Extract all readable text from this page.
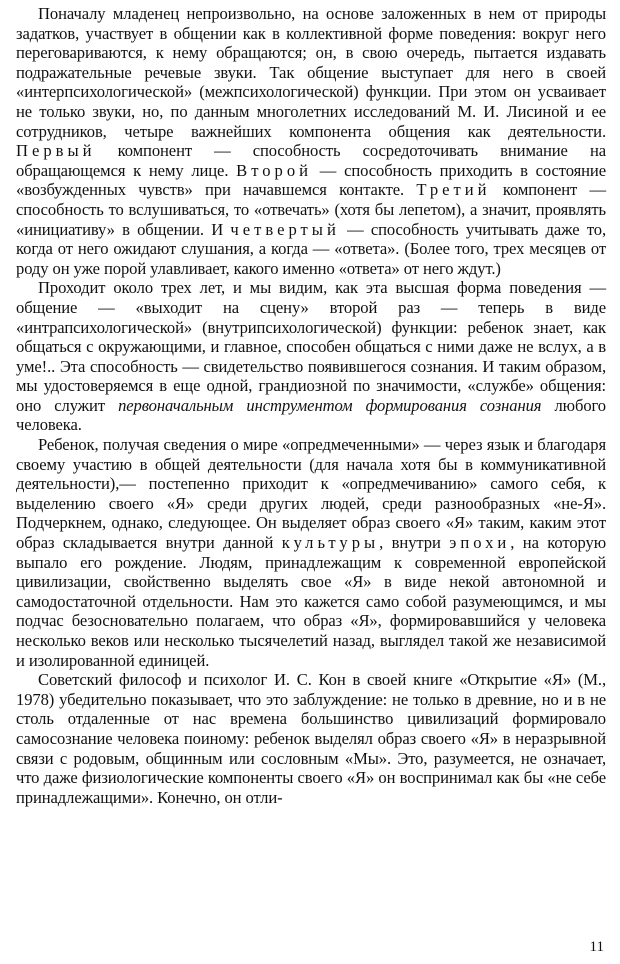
Поначалу младенец непроизвольно, на основе заложенных в нем от природы задатков, участвует в общении как в коллективной форме поведения: вокруг него переговариваются, к нему обращаются; он, в свою очередь, пытается издавать подражательные речевые звуки. Так общение выступает для него в своей «интерпсихологической» (межпсихологической) функции. При этом он усваивает не только звуки, но, по данным многолетних исследований М. И. Лисиной и ее сотрудников, четыре важнейших компонента общения как деятельности. Первый компонент — способность сосредоточивать внимание на обращающемся к нему лице. Второй — способность приходить в состояние «возбужденных чувств» при начавшемся контакте. Третий компонент — способность то вслушиваться, то «отвечать» (хотя бы лепетом), а значит, проявлять «инициативу» в общении. И четвертый — способность учитывать даже то, когда от него ожидают слушания, а когда — «ответа». (Более того, трех месяцев от роду он уже порой улавливает, какого именно «ответа» от него ждут.)

Проходит около трех лет, и мы видим, как эта высшая форма поведения — общение — «выходит на сцену» второй раз — теперь в виде «интрапсихологической» (внутрипсихологической) функции: ребенок знает, как общаться с окружающими, и главное, способен общаться с ними даже не вслух, а в уме!.. Эта способность — свидетельство появившегося сознания. И таким образом, мы удостоверяемся в еще одной, грандиозной по значимости, «службе» общения: оно служит первоначальным инструментом формирования сознания любого человека.

Ребенок, получая сведения о мире «опредмеченными» — через язык и благодаря своему участию в общей деятельности (для начала хотя бы в коммуникативной деятельности),— постепенно приходит к «опредмечиванию» самого себя, к выделению своего «Я» среди других людей, среди разнообразных «не-Я». Подчеркнем, однако, следующее. Он выделяет образ своего «Я» таким, каким этот образ складывается внутри данной культуры, внутри эпохи, на которую выпало его рождение. Людям, принадлежащим к современной европейской цивилизации, свойственно выделять свое «Я» в виде некой автономной и самодостаточной отдельности. Нам это кажется само собой разумеющимся, и мы подчас безосновательно полагаем, что образ «Я», формировавшийся у человека несколько веков или несколько тысячелетий назад, выглядел такой же независимой и изолированной единицей.

Советский философ и психолог И. С. Кон в своей книге «Открытие «Я» (М., 1978) убедительно показывает, что это заблуждение: не только в древние, но и в не столь отдаленные от нас времена большинство цивилизаций формировало самосознание человека поиному: ребенок выделял образ своего «Я» в неразрывной связи с родовым, общинным или сословным «Мы». Это, разумеется, не означает, что даже физиологические компоненты своего «Я» он воспринимал как бы «не себе принадлежащими». Конечно, он отли-

11
